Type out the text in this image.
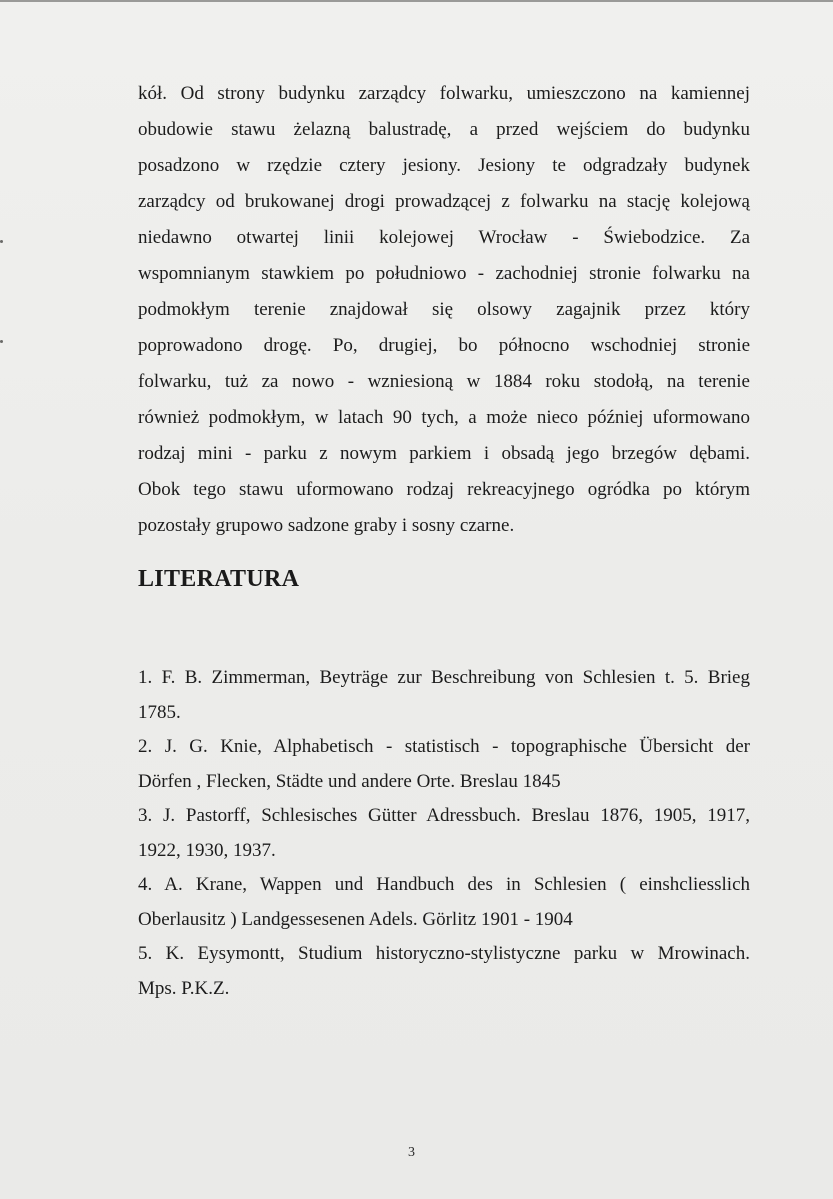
kół. Od strony budynku zarządcy folwarku, umieszczono na kamiennej
obudowie stawu żelazną balustradę, a przed wejściem do budynku
posadzono w rzędzie cztery jesiony. Jesiony te odgradzały budynek
zarządcy od brukowanej drogi prowadzącej z folwarku na stację kolejową
niedawno otwartej linii kolejowej Wrocław - Świebodzice. Za
wspomnianym stawkiem po południowo - zachodniej stronie folwarku na
podmokłym terenie znajdował się olsowy zagajnik przez który
poprowadono drogę. Po, drugiej, bo północno wschodniej stronie
folwarku, tuż za nowo - wzniesioną w 1884 roku stodołą, na terenie
również podmokłym, w latach 90 tych, a może nieco później uformowano
rodzaj mini - parku z nowym parkiem i obsadą jego brzegów dębami.
Obok tego stawu uformowano rodzaj rekreacyjnego ogródka po którym
pozostały grupowo sadzone graby i sosny czarne.
LITERATURA
1. F. B. Zimmerman, Beyträge zur Beschreibung von Schlesien t. 5. Brieg
1785.
2. J. G. Knie, Alphabetisch - statistisch - topographische Übersicht der
Dörfen , Flecken, Städte und andere Orte. Breslau 1845
3. J. Pastorff, Schlesisches Gütter Adressbuch. Breslau 1876, 1905, 1917,
1922, 1930, 1937.
4. A. Krane, Wappen und Handbuch des in Schlesien ( einshcliesslich
Oberlausitz ) Landgessesenen Adels. Görlitz 1901 - 1904
5. K. Eysymontt, Studium historyczno-stylistyczne parku w Mrowinach.
Mps. P.K.Z.
3
